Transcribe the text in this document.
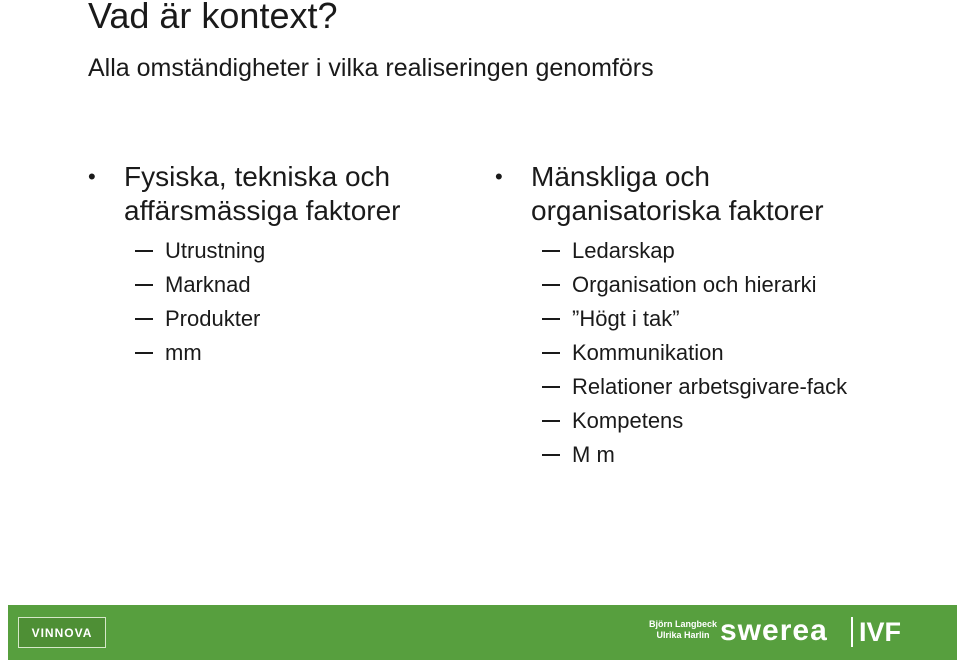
Vad är kontext?
Alla omständigheter i vilka realiseringen genomförs
•	Fysiska, tekniska och
affärsmässiga faktorer
Utrustning
Marknad
Produkter
mm
•	Mänskliga och
organisatoriska faktorer
Ledarskap
Organisation och hierarki
”Högt i tak”
Kommunikation
Relationer arbetsgivare-fack
Kompetens
M m
VINNOVA
Björn Langbeck
Ulrika Harlin swerea IVF
